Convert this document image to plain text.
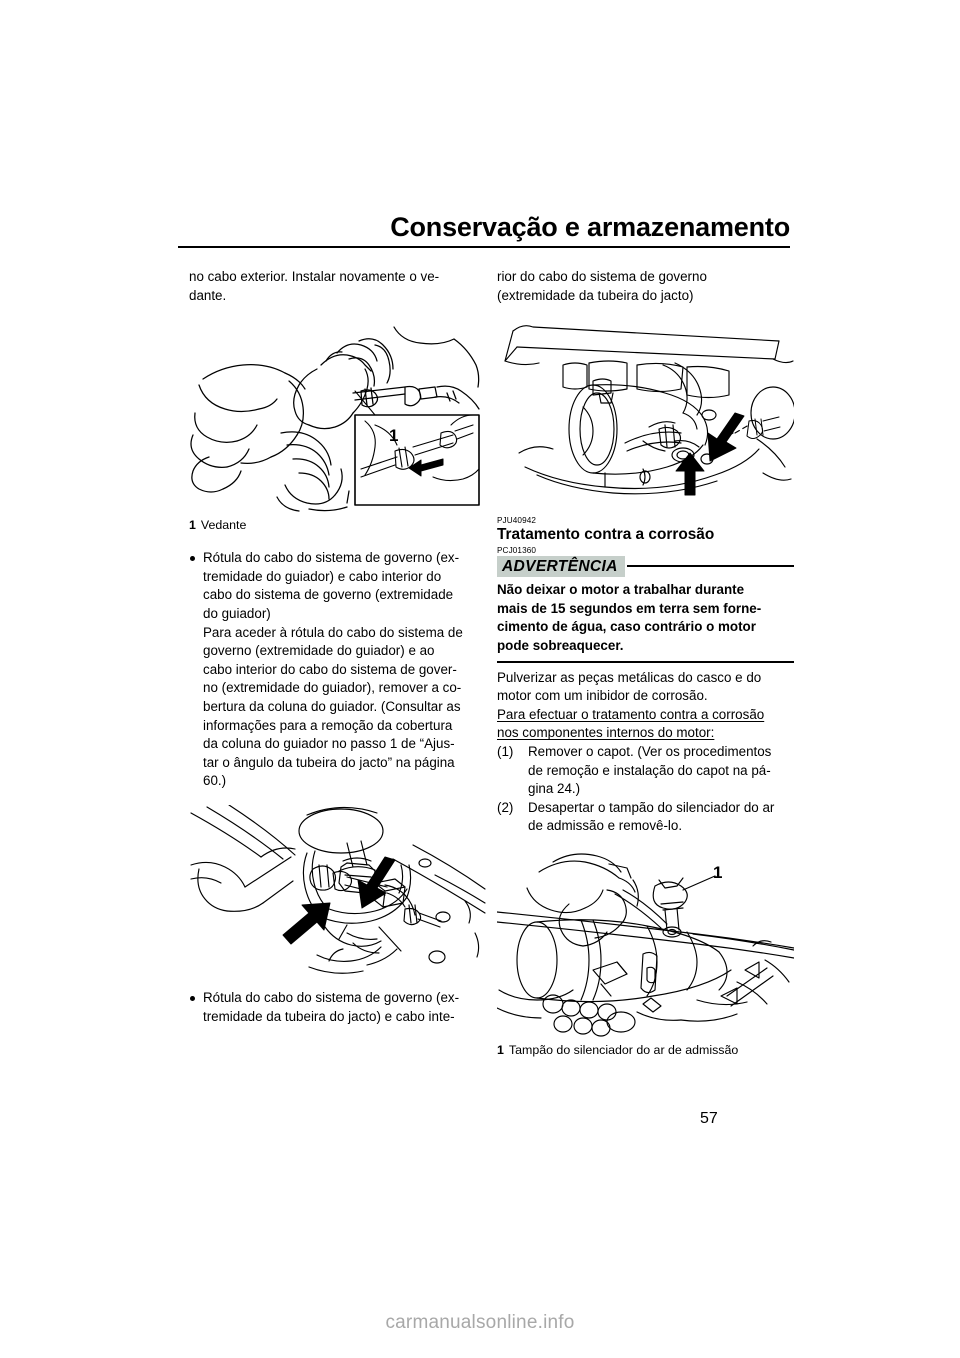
Conservação e armazenamento

no cabo exterior. Instalar novamente o ve-
dante.

1

1 Vedante

Rótula do cabo do sistema de governo (ex-
tremidade do guiador) e cabo interior do
cabo do sistema de governo (extremidade
do guiador)

Para aceder à rótula do cabo do sistema de
governo (extremidade do guiador) e ao
cabo interior do cabo do sistema de gover-
no (extremidade do guiador), remover a co-
bertura da coluna do guiador. (Consultar as
informações para a remoção da cobertura
da coluna do guiador no passo 1 de “Ajus-
tar o ângulo da tubeira do jacto” na página
60.)

Rótula do cabo do sistema de governo (ex-
tremidade da tubeira do jacto) e cabo inte-

rior do cabo do sistema de governo (extremidade da tubeira do jacto)

PJU40942

Tratamento contra a corrosão

PCJ01360

ADVERTÊNCIA

Não deixar o motor a trabalhar durante
mais de 15 segundos em terra sem forne-
cimento de água, caso contrário o motor

pode sobreaquecer.

Pulverizar as peças metálicas do casco e do
motor com um inibidor de corrosão.

Para efectuar o tratamento contra a corrosão
nos componentes internos do motor:

(1)	Remover o capot. (Ver os procedimentos
de remoção e instalação do capot na pá-
gina 24.)

(2)	Desapertar o tampão do silenciador do ar
de admissão e removê-lo.

1

1 Tampão do silenciador do ar de admissão

57
carmanualsonline.info
